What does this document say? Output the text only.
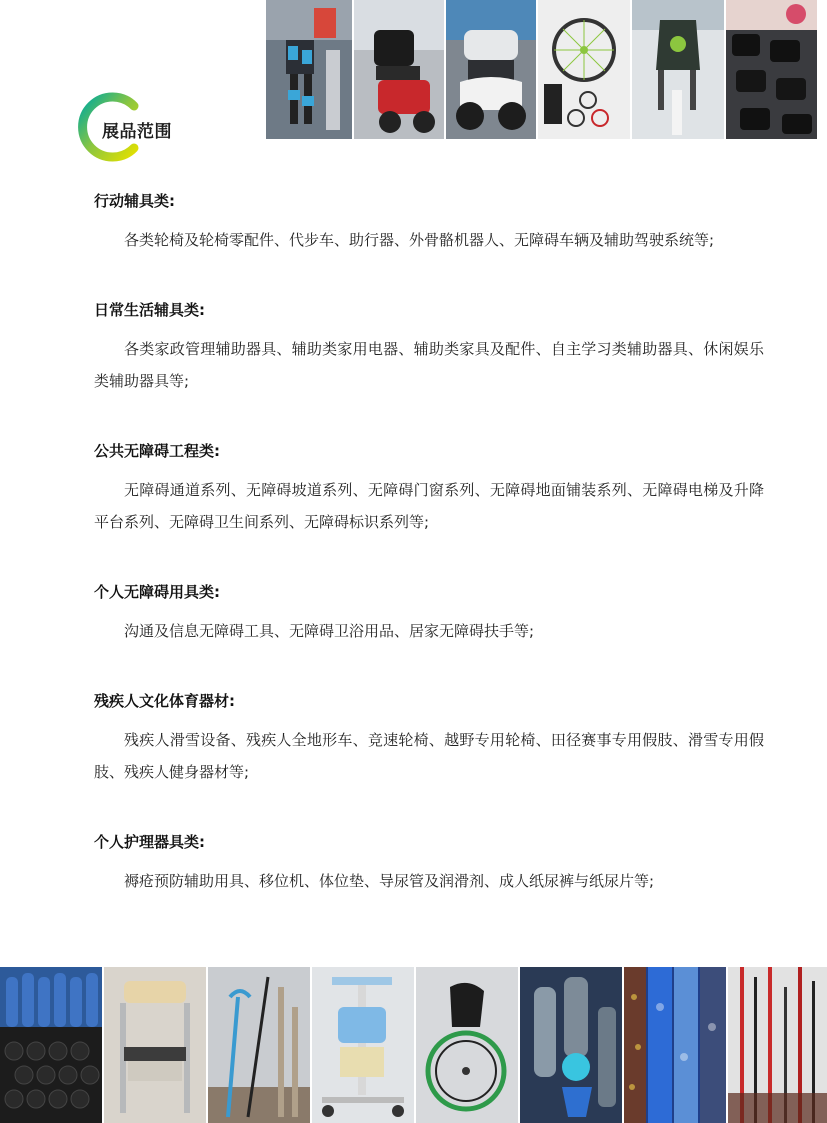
展品范围
行动辅具类:

各类轮椅及轮椅零配件、代步车、助行器、外骨骼机器人、无障碍车辆及辅助驾驶系统等;

日常生活辅具类:

各类家政管理辅助器具、辅助类家用电器、辅助类家具及配件、自主学习类辅助器具、休闲娱乐类辅助器具等;

公共无障碍工程类:

无障碍通道系列、无障碍坡道系列、无障碍门窗系列、无障碍地面铺装系列、无障碍电梯及升降平台系列、无障碍卫生间系列、无障碍标识系列等;

个人无障碍用具类:

沟通及信息无障碍工具、无障碍卫浴用品、居家无障碍扶手等;

残疾人文化体育器材:

残疾人滑雪设备、残疾人全地形车、竞速轮椅、越野专用轮椅、田径赛事专用假肢、滑雪专用假肢、残疾人健身器材等;

个人护理器具类:

褥疮预防辅助用具、移位机、体位垫、导尿管及润滑剂、成人纸尿裤与纸尿片等;
